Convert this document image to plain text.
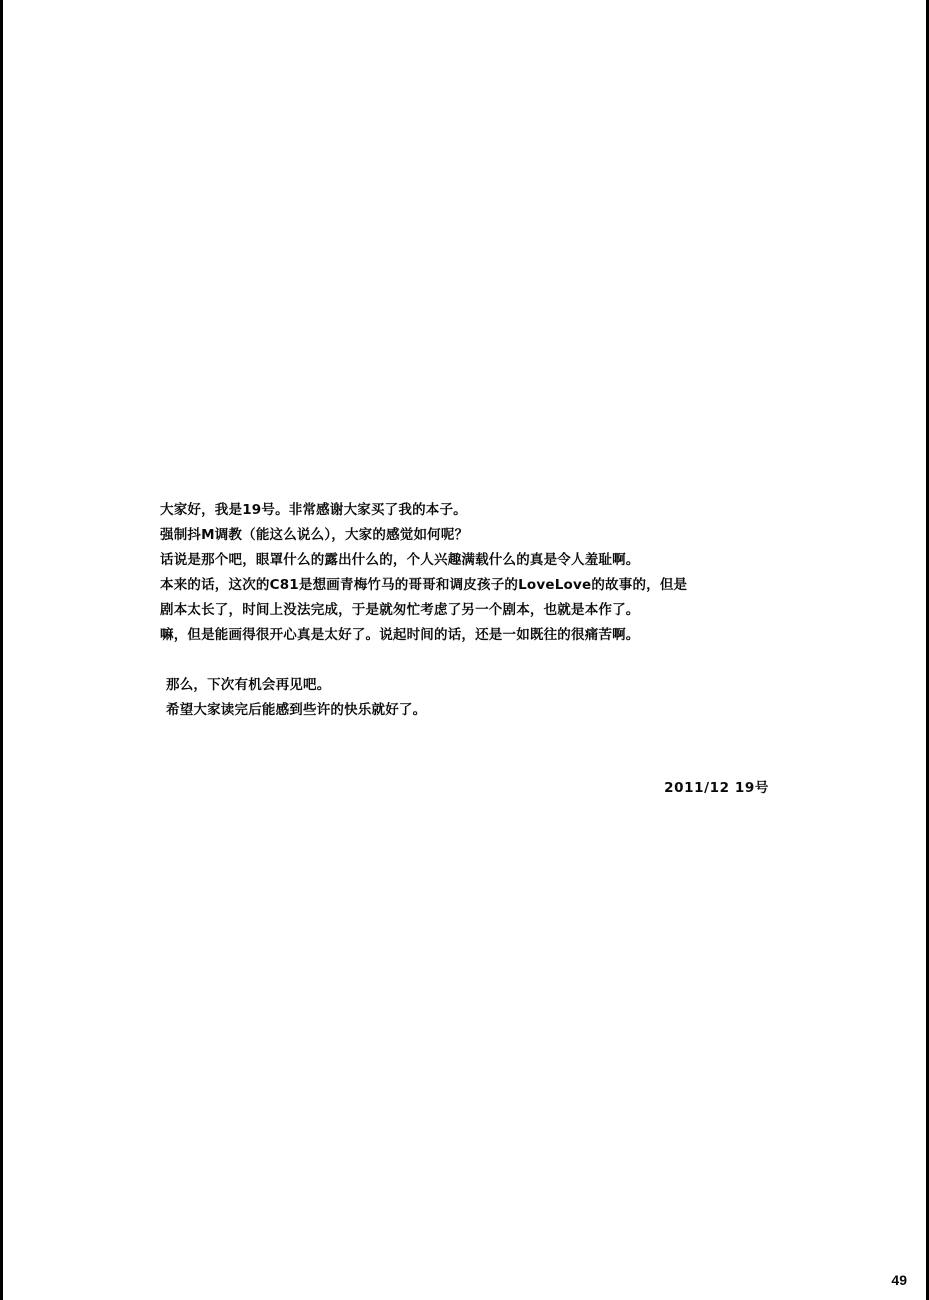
大家好，我是19号。非常感谢大家买了我的本子。

强制抖M调教（能这么说么），大家的感觉如何呢？

话说是那个吧，眼罩什么的露出什么的，个人兴趣满载什么的真是令人羞耻啊。

本来的话，这次的C81是想画青梅竹马的哥哥和调皮孩子的LoveLove的故事的，但是

剧本太长了，时间上没法完成，于是就匆忙考虑了另一个剧本，也就是本作了。

嘛，但是能画得很开心真是太好了。说起时间的话，还是一如既往的很痛苦啊。

那么，下次有机会再见吧。

希望大家读完后能感到些许的快乐就好了。

2011/12 19号
49
